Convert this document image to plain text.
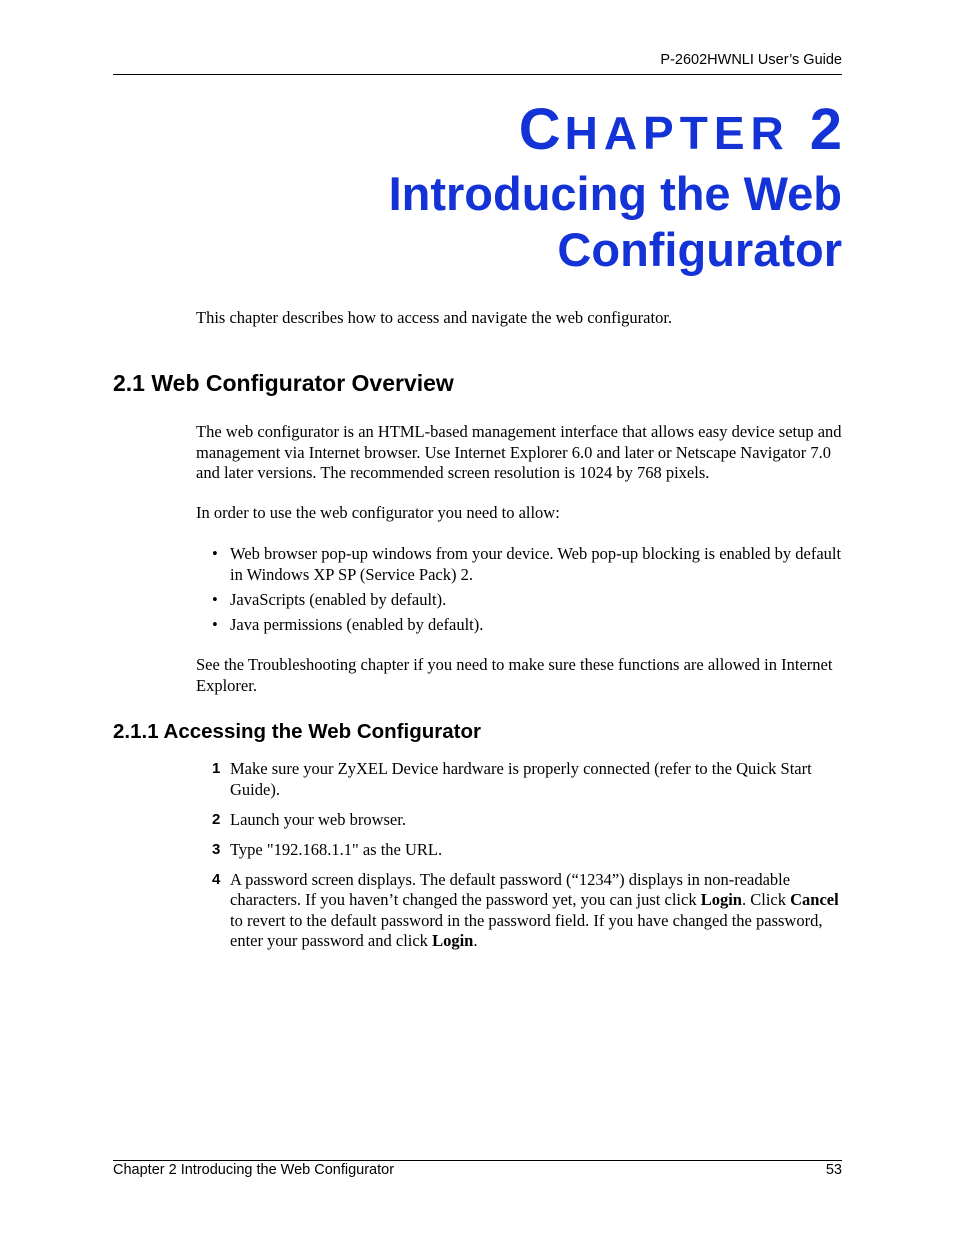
P-2602HWNLI User’s Guide
CHAPTER 2
Introducing the Web Configurator
This chapter describes how to access and navigate the web configurator.
2.1 Web Configurator Overview
The web configurator is an HTML-based management interface that allows easy device setup and management via Internet browser. Use Internet Explorer 6.0 and later or Netscape Navigator 7.0 and later versions. The recommended screen resolution is 1024 by 768 pixels.
In order to use the web configurator you need to allow:
• Web browser pop-up windows from your device. Web pop-up blocking is enabled by default in Windows XP SP (Service Pack) 2.
• JavaScripts (enabled by default).
• Java permissions (enabled by default).
See the Troubleshooting chapter if you need to make sure these functions are allowed in Internet Explorer.
2.1.1 Accessing the Web Configurator
1 Make sure your ZyXEL Device hardware is properly connected (refer to the Quick Start Guide).
2 Launch your web browser.
3 Type "192.168.1.1" as the URL.
4 A password screen displays. The default password (“1234”) displays in non-readable characters. If you haven’t changed the password yet, you can just click Login. Click Cancel to revert to the default password in the password field. If you have changed the password, enter your password and click Login.
Chapter 2 Introducing the Web Configurator	53
